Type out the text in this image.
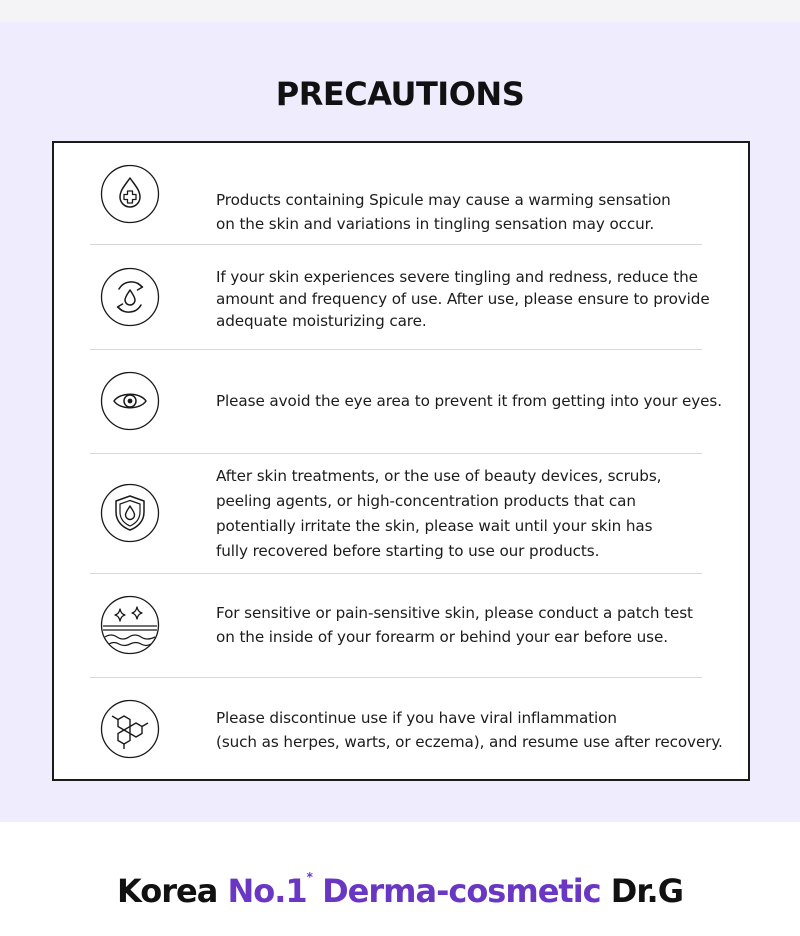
PRECAUTIONS
Products containing Spicule may cause a warming sensation
on the skin and variations in tingling sensation may occur.
If your skin experiences severe tingling and redness, reduce the
amount and frequency of use. After use, please ensure to provide
adequate moisturizing care.
Please avoid the eye area to prevent it from getting into your eyes.
After skin treatments, or the use of beauty devices, scrubs,
peeling agents, or high-concentration products that can
potentially irritate the skin, please wait until your skin has
fully recovered before starting to use our products.
For sensitive or pain-sensitive skin, please conduct a patch test
on the inside of your forearm or behind your ear before use.
Please discontinue use if you have viral inflammation
(such as herpes, warts, or eczema), and resume use after recovery.
Korea No.1* Derma-cosmetic Dr.G
